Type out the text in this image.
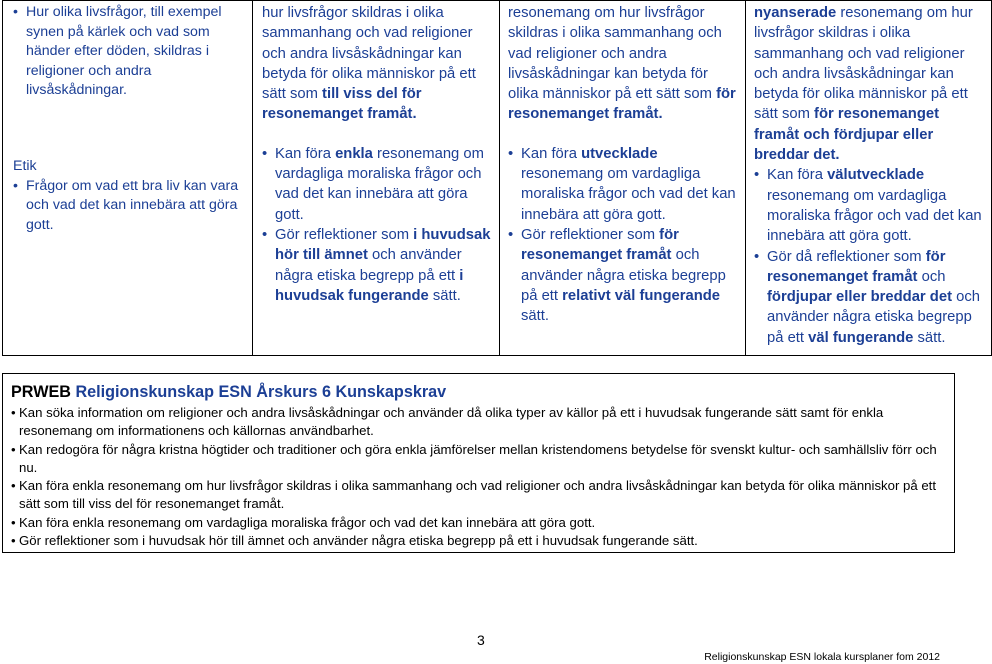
• Hur olika livsfrågor, till exempel synen på kärlek och vad som händer efter döden, skildras i religioner och andra livsåskådningar.
Etik
• Frågor om vad ett bra liv kan vara och vad det kan innebära att göra gott.

hur livsfrågor skildras i olika sammanhang och vad religioner och andra livsåskådningar kan betyda för olika människor på ett sätt som till viss del för resonemanget framåt.
• Kan föra enkla resonemang om vardagliga moraliska frågor och vad det kan innebära att göra gott.
• Gör reflektioner som i huvudsak hör till ämnet och använder några etiska begrepp på ett i huvudsak fungerande sätt.

resonemang om hur livsfrågor skildras i olika sammanhang och vad religioner och andra livsåskådningar kan betyda för olika människor på ett sätt som för resonemanget framåt.
• Kan föra utvecklade resonemang om vardagliga moraliska frågor och vad det kan innebära att göra gott.
• Gör reflektioner som för resonemanget framåt och använder några etiska begrepp på ett relativt väl fungerande sätt.

nyanserade resonemang om hur livsfrågor skildras i olika sammanhang och vad religioner och andra livsåskådningar kan betyda för olika människor på ett sätt som för resonemanget framåt och fördjupar eller breddar det.
• Kan föra välutvecklade resonemang om vardagliga moraliska frågor och vad det kan innebära att göra gott.
• Gör då reflektioner som för resonemanget framåt och fördjupar eller breddar det och använder några etiska begrepp på ett väl fungerande sätt.
PRWEB Religionskunskap ESN Årskurs 6 Kunskapskrav
• Kan söka information om religioner och andra livsåskådningar och använder då olika typer av källor på ett i huvudsak fungerande sätt samt för enkla resonemang om informationens och källornas användbarhet.
• Kan redogöra för några kristna högtider och traditioner och göra enkla jämförelser mellan kristendomens betydelse för svenskt kultur- och samhällsliv förr och nu.
• Kan föra enkla resonemang om hur livsfrågor skildras i olika sammanhang och vad religioner och andra livsåskådningar kan betyda för olika människor på ett sätt som till viss del för resonemanget framåt.
• Kan föra enkla resonemang om vardagliga moraliska frågor och vad det kan innebära att göra gott.
• Gör reflektioner som i huvudsak hör till ämnet och använder några etiska begrepp på ett i huvudsak fungerande sätt.
3
Religionskunskap ESN lokala kursplaner fom 2012
